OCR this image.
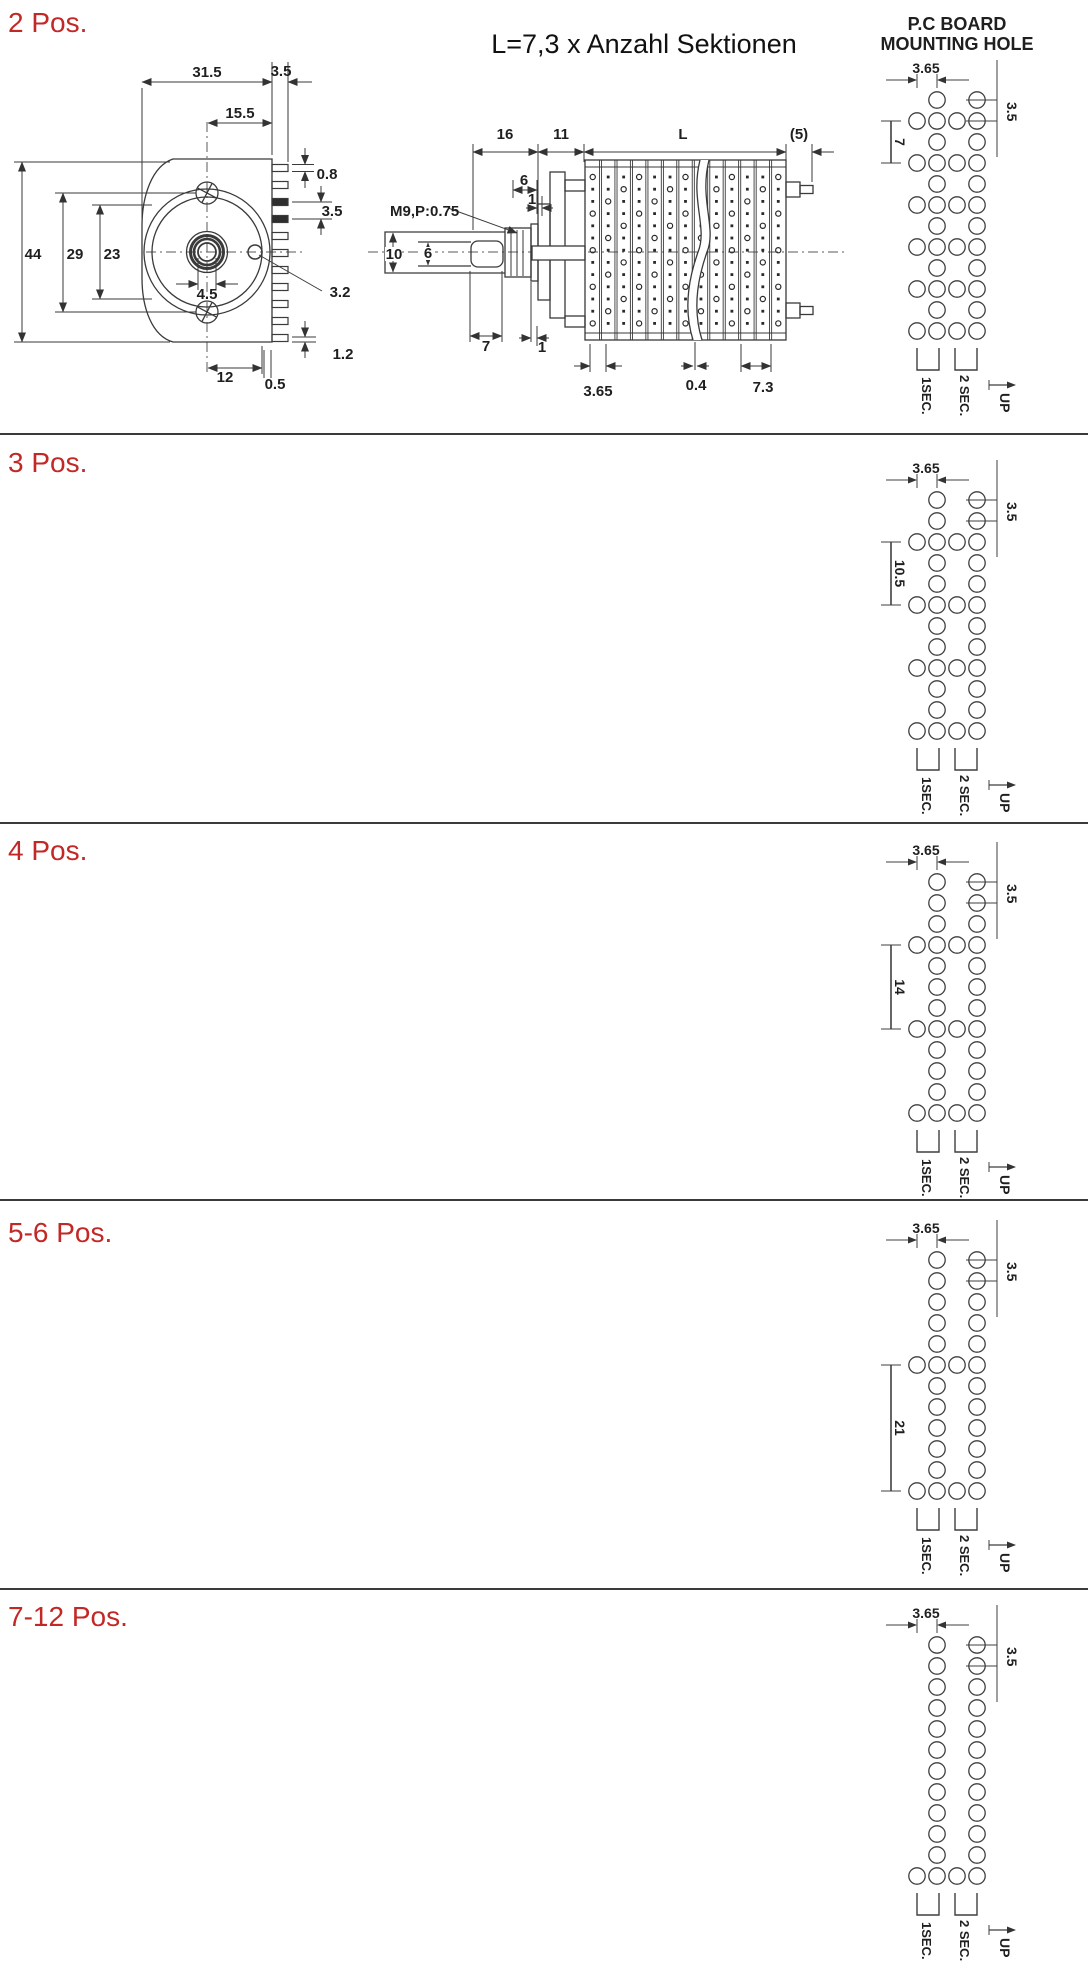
2 Pos.
3 Pos.
4 Pos.
5-6 Pos.
7-12 Pos.
3.5
31.5
15.5
0.8
3.5
44 29 23
4.5	3.2
1.2
12 0.5
L=7,3 x Anzahl Sektionen
16	11	L	(5)
6
1
M9,P:0.75
10 6
7	1
3.65	0.4	7.3
P.C BOARD
MOUNTING HOLE
3.65
3.5
7
1SEC. 2 SEC. UP
3.65
3.5
10.5
1SEC. 2 SEC. UP
3.65
3.5
14
1SEC. 2 SEC. UP
3.65
3.5
21
1SEC. 2 SEC. UP
3.65
3.5
1SEC. 2 SEC. UP
